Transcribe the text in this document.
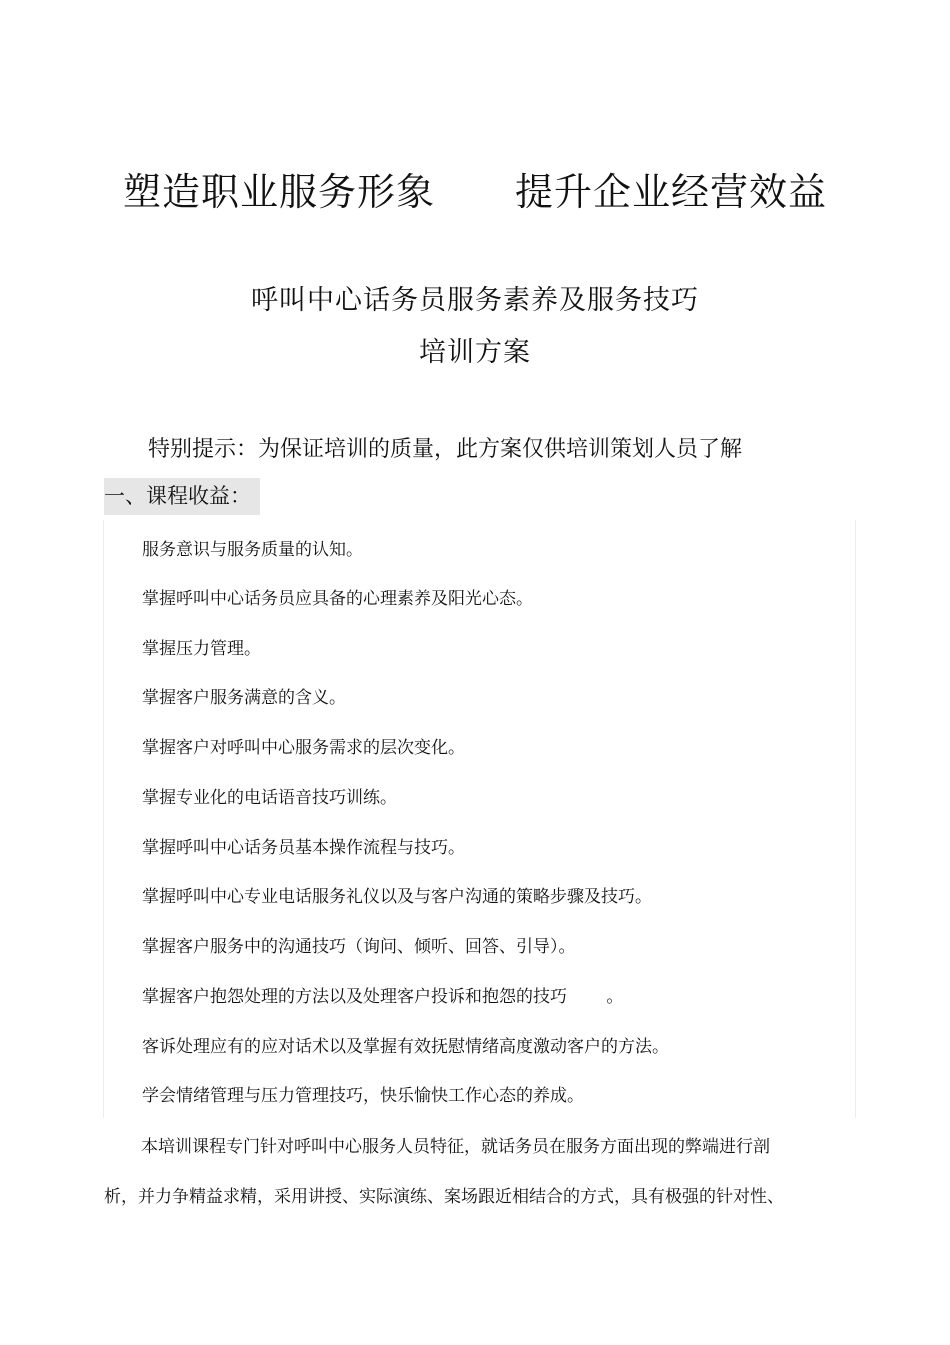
塑造职业服务形象 提升企业经营效益
呼叫中心话务员服务素养及服务技巧
培训方案
特别提示：为保证培训的质量，此方案仅供培训策划人员了解
一、课程收益：
服务意识与服务质量的认知。
掌握呼叫中心话务员应具备的心理素养及阳光心态。
掌握压力管理。
掌握客户服务满意的含义。
掌握客户对呼叫中心服务需求的层次变化。
掌握专业化的电话语音技巧训练。
掌握呼叫中心话务员基本操作流程与技巧。
掌握呼叫中心专业电话服务礼仪以及与客户沟通的策略步骤及技巧。
掌握客户服务中的沟通技巧（询问、倾听、回答、引导）。
掌握客户抱怨处理的方法以及处理客户投诉和抱怨的技巧　　 。
客诉处理应有的应对话术以及掌握有效抚慰情绪高度激动客户的方法。
学会情绪管理与压力管理技巧，快乐愉快工作心态的养成。
本培训课程专门针对呼叫中心服务人员特征，就话务员在服务方面出现的弊端进行剖
析，并力争精益求精，采用讲授、实际演练、案场跟近相结合的方式，具有极强的针对性、
